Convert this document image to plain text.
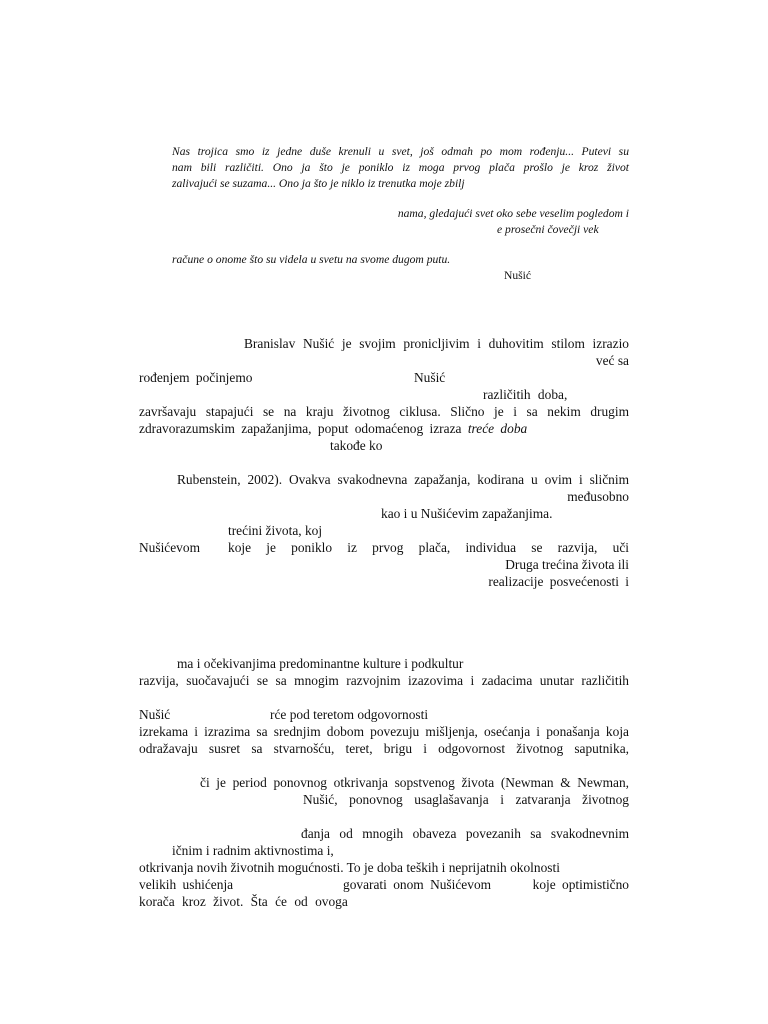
Nas trojica smo iz jedne duše krenuli u svet, još odmah po mom rođenju... Putevi su
nam bili različiti. Ono ja što je poniklo iz moga prvog plača prošlo je kroz život
zalivajući se suzama... Ono ja što je niklo iz trenutka moje zbilj
nama, gledajući svet oko sebe veselim pogledom i
e prosečni čovečji vek
račune o onome što su videla u svetu na svome dugom putu.
Nušić
Branislav Nušić je svojim pronicljivim i duhovitim stilom izrazio
već sa
rođenjem počinjemo	Nušić
različitih doba,
završavaju stapajući se na kraju životnog ciklusa. Slično je i sa nekim drugim
zdravorazumskim zapažanjima, poput odomaćenog izraza treće doba
takođe ko
Rubenstein, 2002). Ovakva svakodnevna zapažanja, kodirana u ovim i sličnim
međusobno
kao i u Nušićevim zapažanjima.
trećini života, koj
Nušićevom koje je poniklo iz prvog plača, individua se razvija, uči
Druga trećina života ili
realizacije posvećenosti i
ma i očekivanjima predominantne kulture i podkultur
razvija, suočavajući se sa mnogim razvojnim izazovima i zadacima unutar različitih
Nušić	rće pod teretom odgovornosti
izrekama i izrazima sa srednjim dobom povezuju mišljenja, osećanja i ponašanja koja
odražavaju susret sa stvarnošću, teret, brigu i odgovornost životnog saputnika,
či je period ponovnog otkrivanja sopstvenog života (Newman & Newman,
Nušić, ponovnog usaglašavanja i zatvaranja životnog
đanja od mnogih obaveza povezanih sa svakodnevnim
ičnim i radnim aktivnostima i,
otkrivanja novih životnih mogućnosti. To je doba teških i neprijatnih okolnosti
velikih ushićenja	govarati onom Nušićevom	koje optimistično
korača kroz život. Šta će od ovoga
